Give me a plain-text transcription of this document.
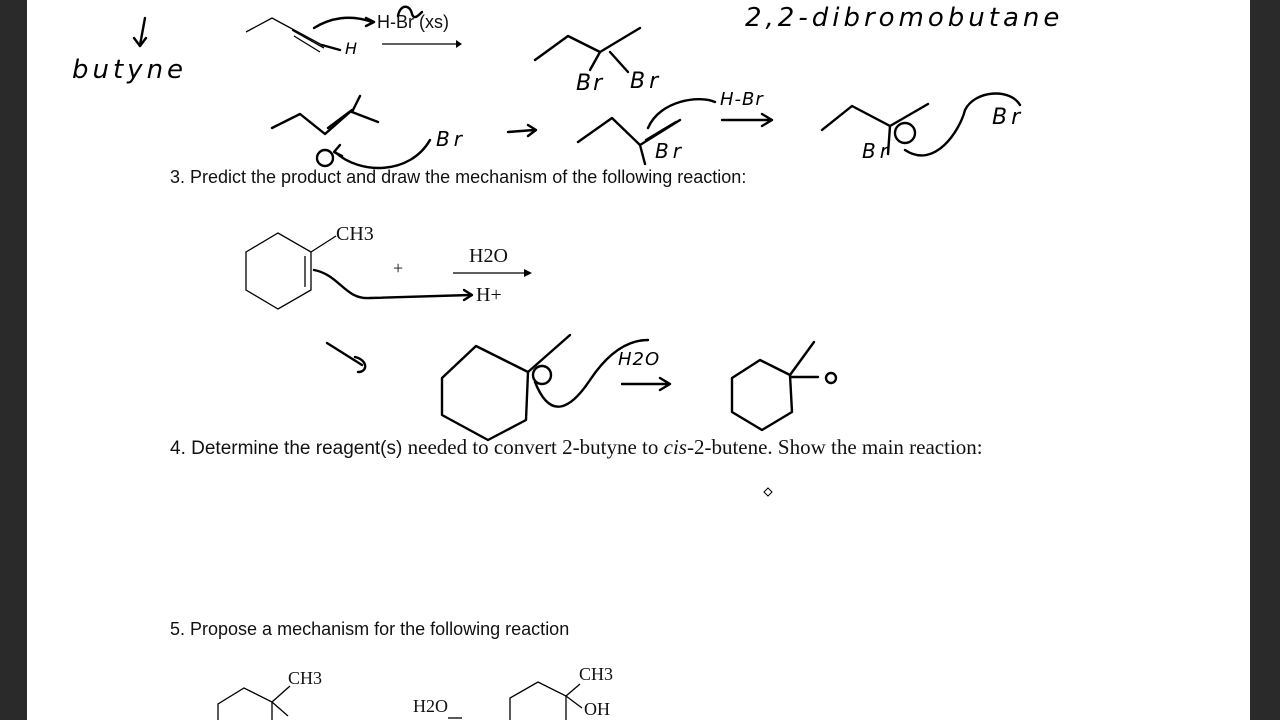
H-Br (xs)
butyne
2,2-dibromobutane
H
Br Br
Br
H-Br
Br	Br
Br
3. Predict the product and draw the mechanism of the following reaction:
CH3
+
H2O
H+
H2O
4. Determine the reagent(s) needed to convert 2-butyne to cis-2-butene. Show the main reaction:
5. Propose a mechanism for the following reaction
CH3
H2O
CH3
OH
